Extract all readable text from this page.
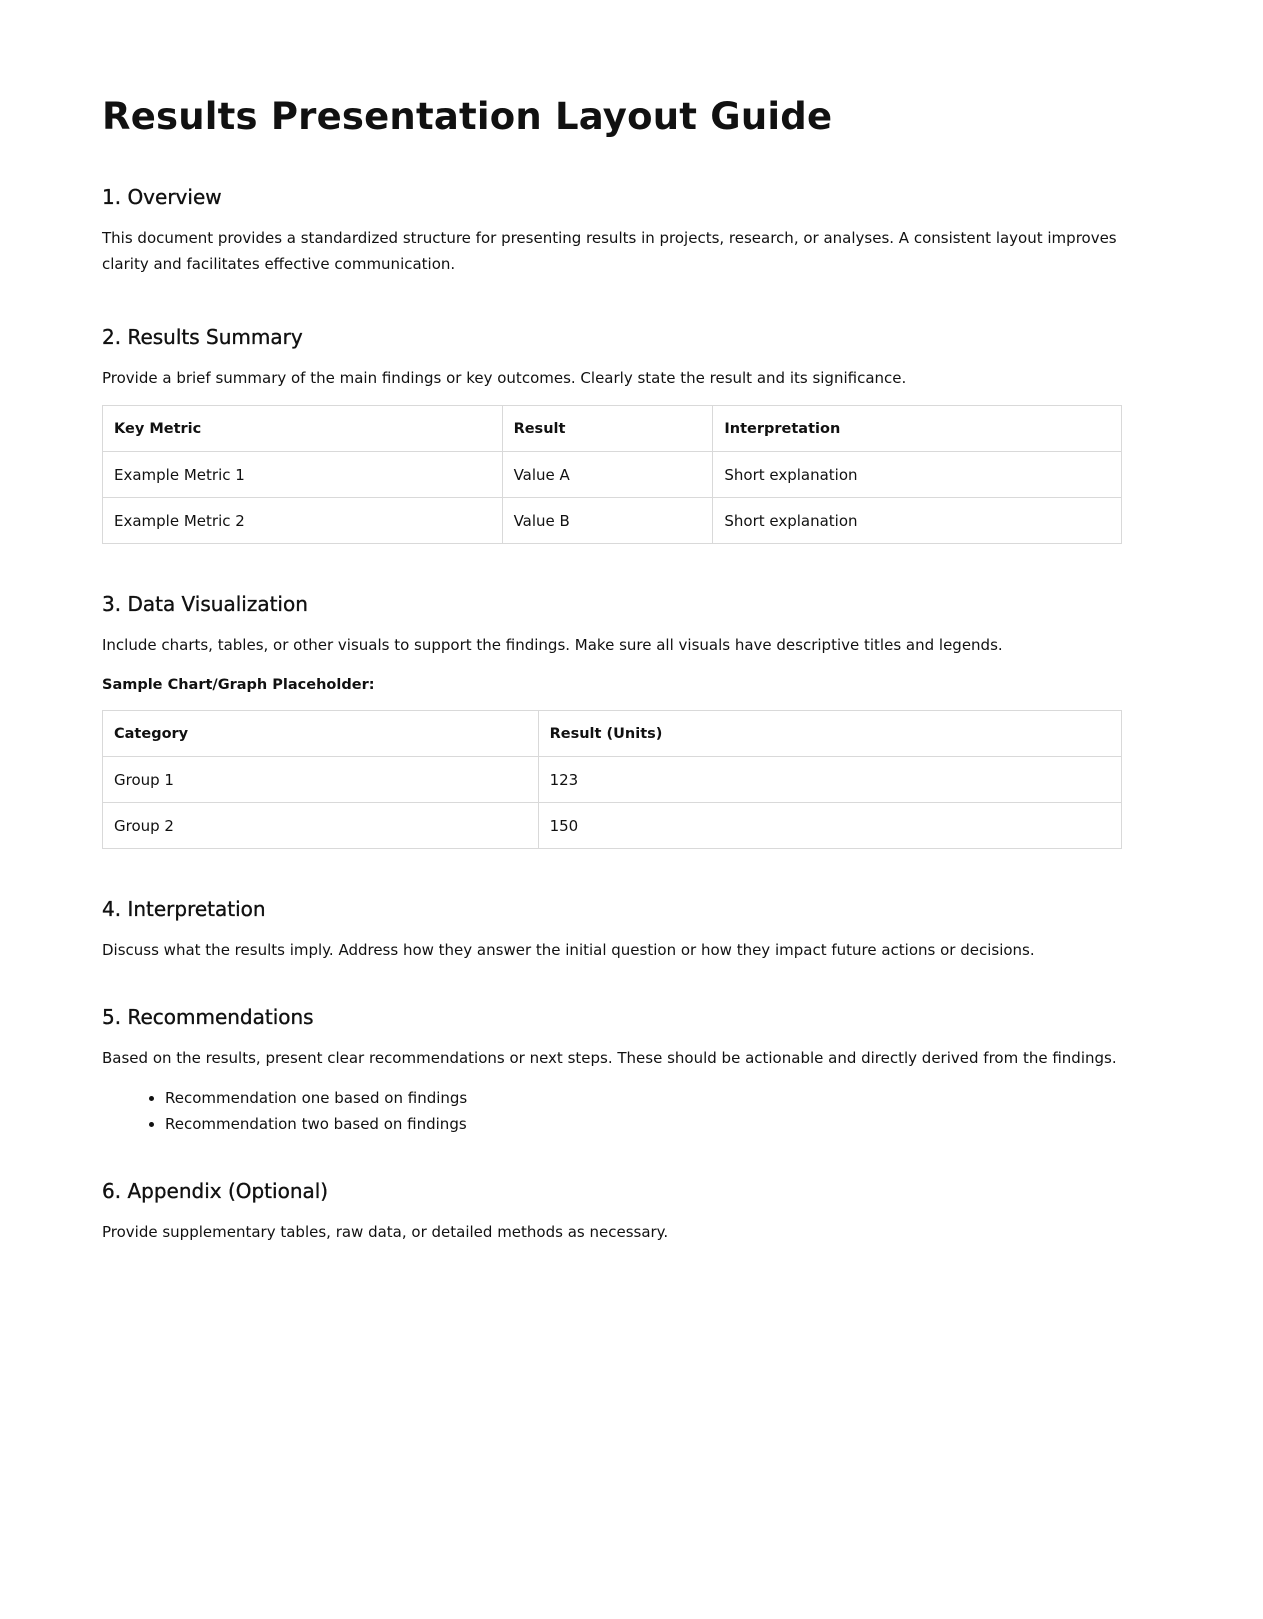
Results Presentation Layout Guide
1. Overview

This document provides a standardized structure for presenting results in projects, research, or analyses. A consistent layout improves clarity and facilitates effective communication.

2. Results Summary

Provide a brief summary of the main findings or key outcomes. Clearly state the result and its significance.

Key Metric	Result	Interpretation
Example Metric 1	Value A	Short explanation
Example Metric 2	Value B	Short explanation
3. Data Visualization

Include charts, tables, or other visuals to support the findings. Make sure all visuals have descriptive titles and legends.

Sample Chart/Graph Placeholder:

Category	Result (Units)
Group 1	123
Group 2	150
4. Interpretation

Discuss what the results imply. Address how they answer the initial question or how they impact future actions or decisions.

5. Recommendations

Based on the results, present clear recommendations or next steps. These should be actionable and directly derived from the findings.

• Recommendation one based on findings
• Recommendation two based on findings
6. Appendix (Optional)

Provide supplementary tables, raw data, or detailed methods as necessary.
